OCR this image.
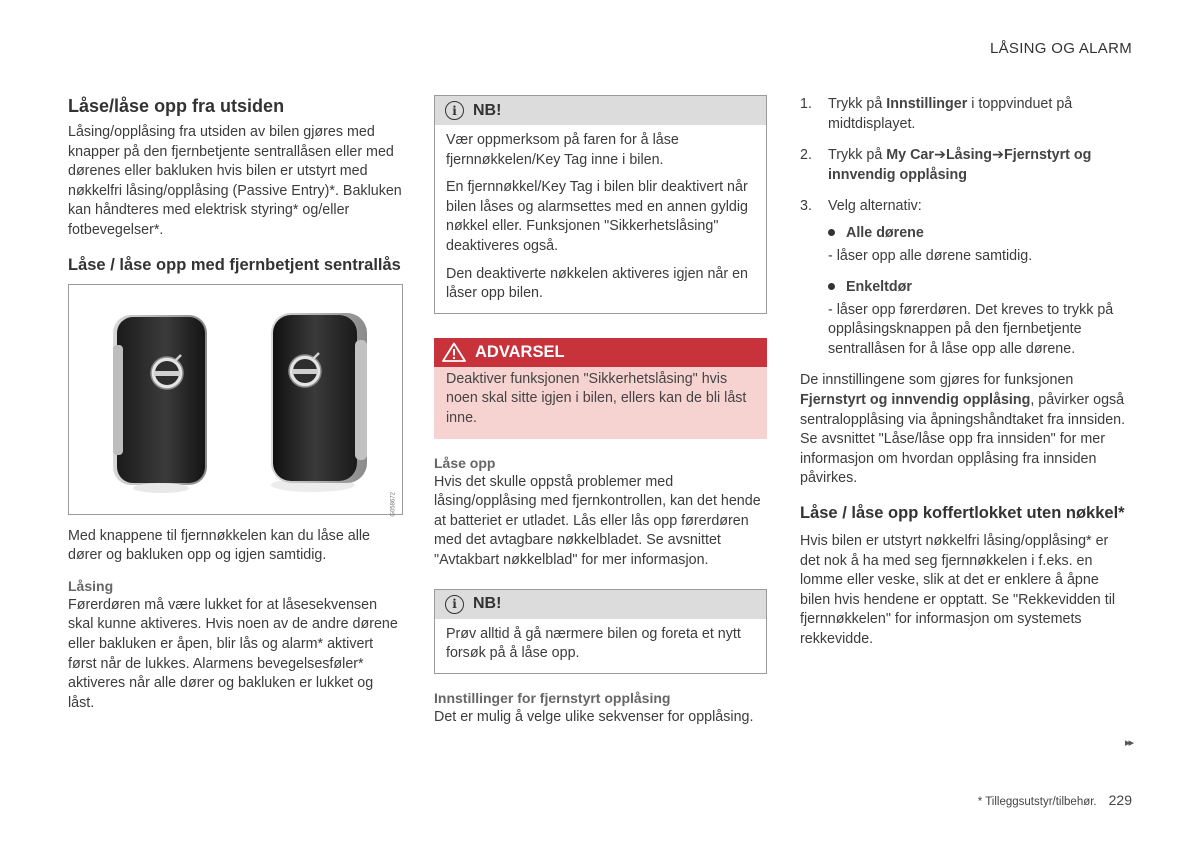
LÅSING OG ALARM
Låse/låse opp fra utsiden

Låsing/opplåsing fra utsiden av bilen gjøres med knapper på den fjernbetjente sentrallåsen eller med dørenes eller bakluken hvis bilen er utstyrt med nøkkelfri låsing/opplåsing (Passive Entry)*. Bakluken kan håndteres med elektrisk styring* og/eller fotbevegelser*.

Låse / låse opp med fjernbetjent sentrallås
G058672

Med knappene til fjernnøkkelen kan du låse alle dører og bakluken opp og igjen samtidig.

Låsing

Førerdøren må være lukket for at låsesekvensen skal kunne aktiveres. Hvis noen av de andre dørene eller bakluken er åpen, blir lås og alarm* aktivert først når de lukkes. Alarmens bevegelsesføler* aktiveres når alle dører og bakluken er lukket og låst.

i	NB!

Vær oppmerksom på faren for å låse fjernnøkkelen/Key Tag inne i bilen.

En fjernnøkkel/Key Tag i bilen blir deaktivert når bilen låses og alarmsettes med en annen gyldig nøkkel eller. Funksjonen "Sikkerhetslåsing" deaktiveres også.

Den deaktiverte nøkkelen aktiveres igjen når en låser opp bilen.

ADVARSEL

Deaktiver funksjonen "Sikkerhetslåsing" hvis noen skal sitte igjen i bilen, ellers kan de bli låst inne.

Låse opp

Hvis det skulle oppstå problemer med låsing/opplåsing med fjernkontrollen, kan det hende at batteriet er utladet. Lås eller lås opp førerdøren med det avtagbare nøkkelbladet. Se avsnittet "Avtakbart nøkkelblad" for mer informasjon.

i	NB!

Prøv alltid å gå nærmere bilen og foreta et nytt forsøk på å låse opp.

Innstillinger for fjernstyrt opplåsing

Det er mulig å velge ulike sekvenser for opplåsing.

1.	Trykk på Innstillinger i toppvinduet på midtdisplayet.

2.	Trykk på My Car➔Låsing➔Fjernstyrt og innvendig opplåsing

3.	Velg alternativ:

Alle dørene

- låser opp alle dørene samtidig.

Enkeltdør

- låser opp førerdøren. Det kreves to trykk på opplåsingsknappen på den fjernbetjente sentrallåsen for å låse opp alle dørene.

De innstillingene som gjøres for funksjonen Fjernstyrt og innvendig opplåsing, påvirker også sentralopplåsing via åpningshåndtaket fra innsiden. Se avsnittet "Låse/låse opp fra innsiden" for mer informasjon om hvordan opplåsing fra innsiden påvirkes.

Låse / låse opp koffertlokket uten nøkkel*

Hvis bilen er utstyrt nøkkelfri låsing/opplåsing* er det nok å ha med seg fjernnøkkelen i f.eks. en lomme eller veske, slik at det er enklere å åpne bilen hvis hendene er opptatt. Se "Rekkevidden til fjernnøkkelen" for informasjon om systemets rekkevidde.

▸▸
* Tilleggsutstyr/tilbehør. 229
